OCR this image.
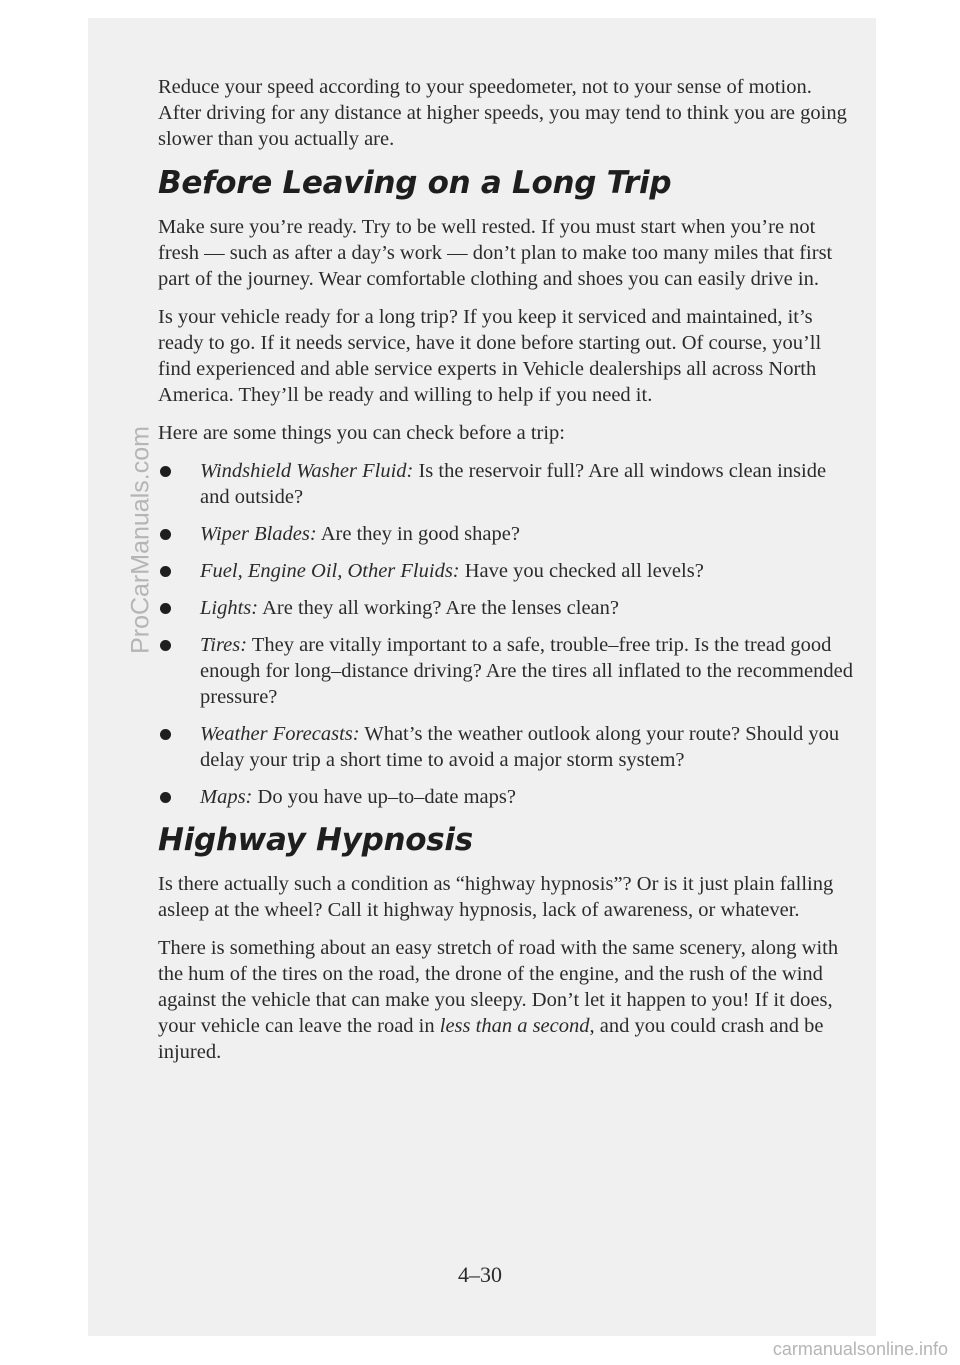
Reduce your speed according to your speedometer, not to your sense of motion. After driving for any distance at higher speeds, you may tend to think you are going slower than you actually are.

Before Leaving on a Long Trip

Make sure you’re ready. Try to be well rested. If you must start when you’re not fresh — such as after a day’s work — don’t plan to make too many miles that first part of the journey. Wear comfortable clothing and shoes you can easily drive in.

Is your vehicle ready for a long trip? If you keep it serviced and maintained, it’s ready to go. If it needs service, have it done before starting out. Of course, you’ll find experienced and able service experts in Vehicle dealerships all across North America. They’ll be ready and willing to help if you need it.

Here are some things you can check before a trip:

Windshield Washer Fluid: Is the reservoir full? Are all windows clean inside and outside?
Wiper Blades: Are they in good shape?
Fuel, Engine Oil, Other Fluids: Have you checked all levels?
Lights: Are they all working? Are the lenses clean?
Tires: They are vitally important to a safe, trouble–free trip. Is the tread good enough for long–distance driving? Are the tires all inflated to the recommended pressure?
Weather Forecasts: What’s the weather outlook along your route? Should you delay your trip a short time to avoid a major storm system?
Maps: Do you have up–to–date maps?
Highway Hypnosis

Is there actually such a condition as “highway hypnosis”? Or is it just plain falling asleep at the wheel? Call it highway hypnosis, lack of awareness, or whatever.

There is something about an easy stretch of road with the same scenery, along with the hum of the tires on the road, the drone of the engine, and the rush of the wind against the vehicle that can make you sleepy. Don’t let it happen to you! If it does, your vehicle can leave the road in less than a second, and you could crash and be injured.

4–30
ProCarManuals.com
carmanualsonline.info
